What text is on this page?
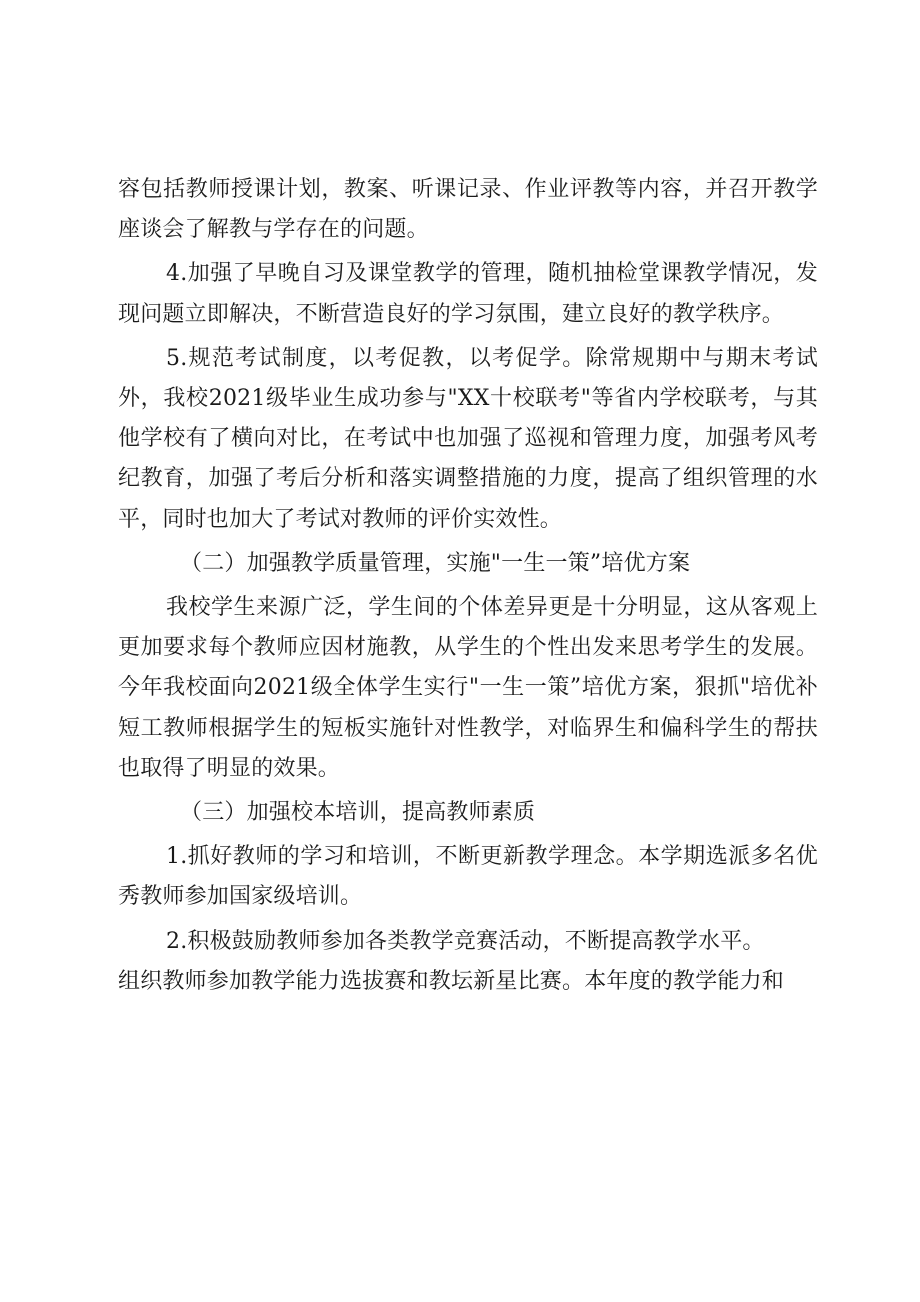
容包括教师授课计划，教案、听课记录、作业评教等内容，并召开教学座谈会了解教与学存在的问题。

4.加强了早晚自习及课堂教学的管理，随机抽检堂课教学情况，发现问题立即解决，不断营造良好的学习氛围，建立良好的教学秩序。

5.规范考试制度，以考促教，以考促学。除常规期中与期末考试外，我校2021级毕业生成功参与"XX十校联考"等省内学校联考，与其他学校有了横向对比，在考试中也加强了巡视和管理力度，加强考风考纪教育，加强了考后分析和落实调整措施的力度，提高了组织管理的水平，同时也加大了考试对教师的评价实效性。

（二）加强教学质量管理，实施"一生一策”培优方案

我校学生来源广泛，学生间的个体差异更是十分明显，这从客观上更加要求每个教师应因材施教，从学生的个性出发来思考学生的发展。今年我校面向2021级全体学生实行"一生一策”培优方案，狠抓"培优补短工教师根据学生的短板实施针对性教学，对临界生和偏科学生的帮扶也取得了明显的效果。

（三）加强校本培训，提高教师素质

1.抓好教师的学习和培训，不断更新教学理念。本学期选派多名优秀教师参加国家级培训。

2.积极鼓励教师参加各类教学竞赛活动，不断提高教学水平。

组织教师参加教学能力选拔赛和教坛新星比赛。本年度的教学能力和
